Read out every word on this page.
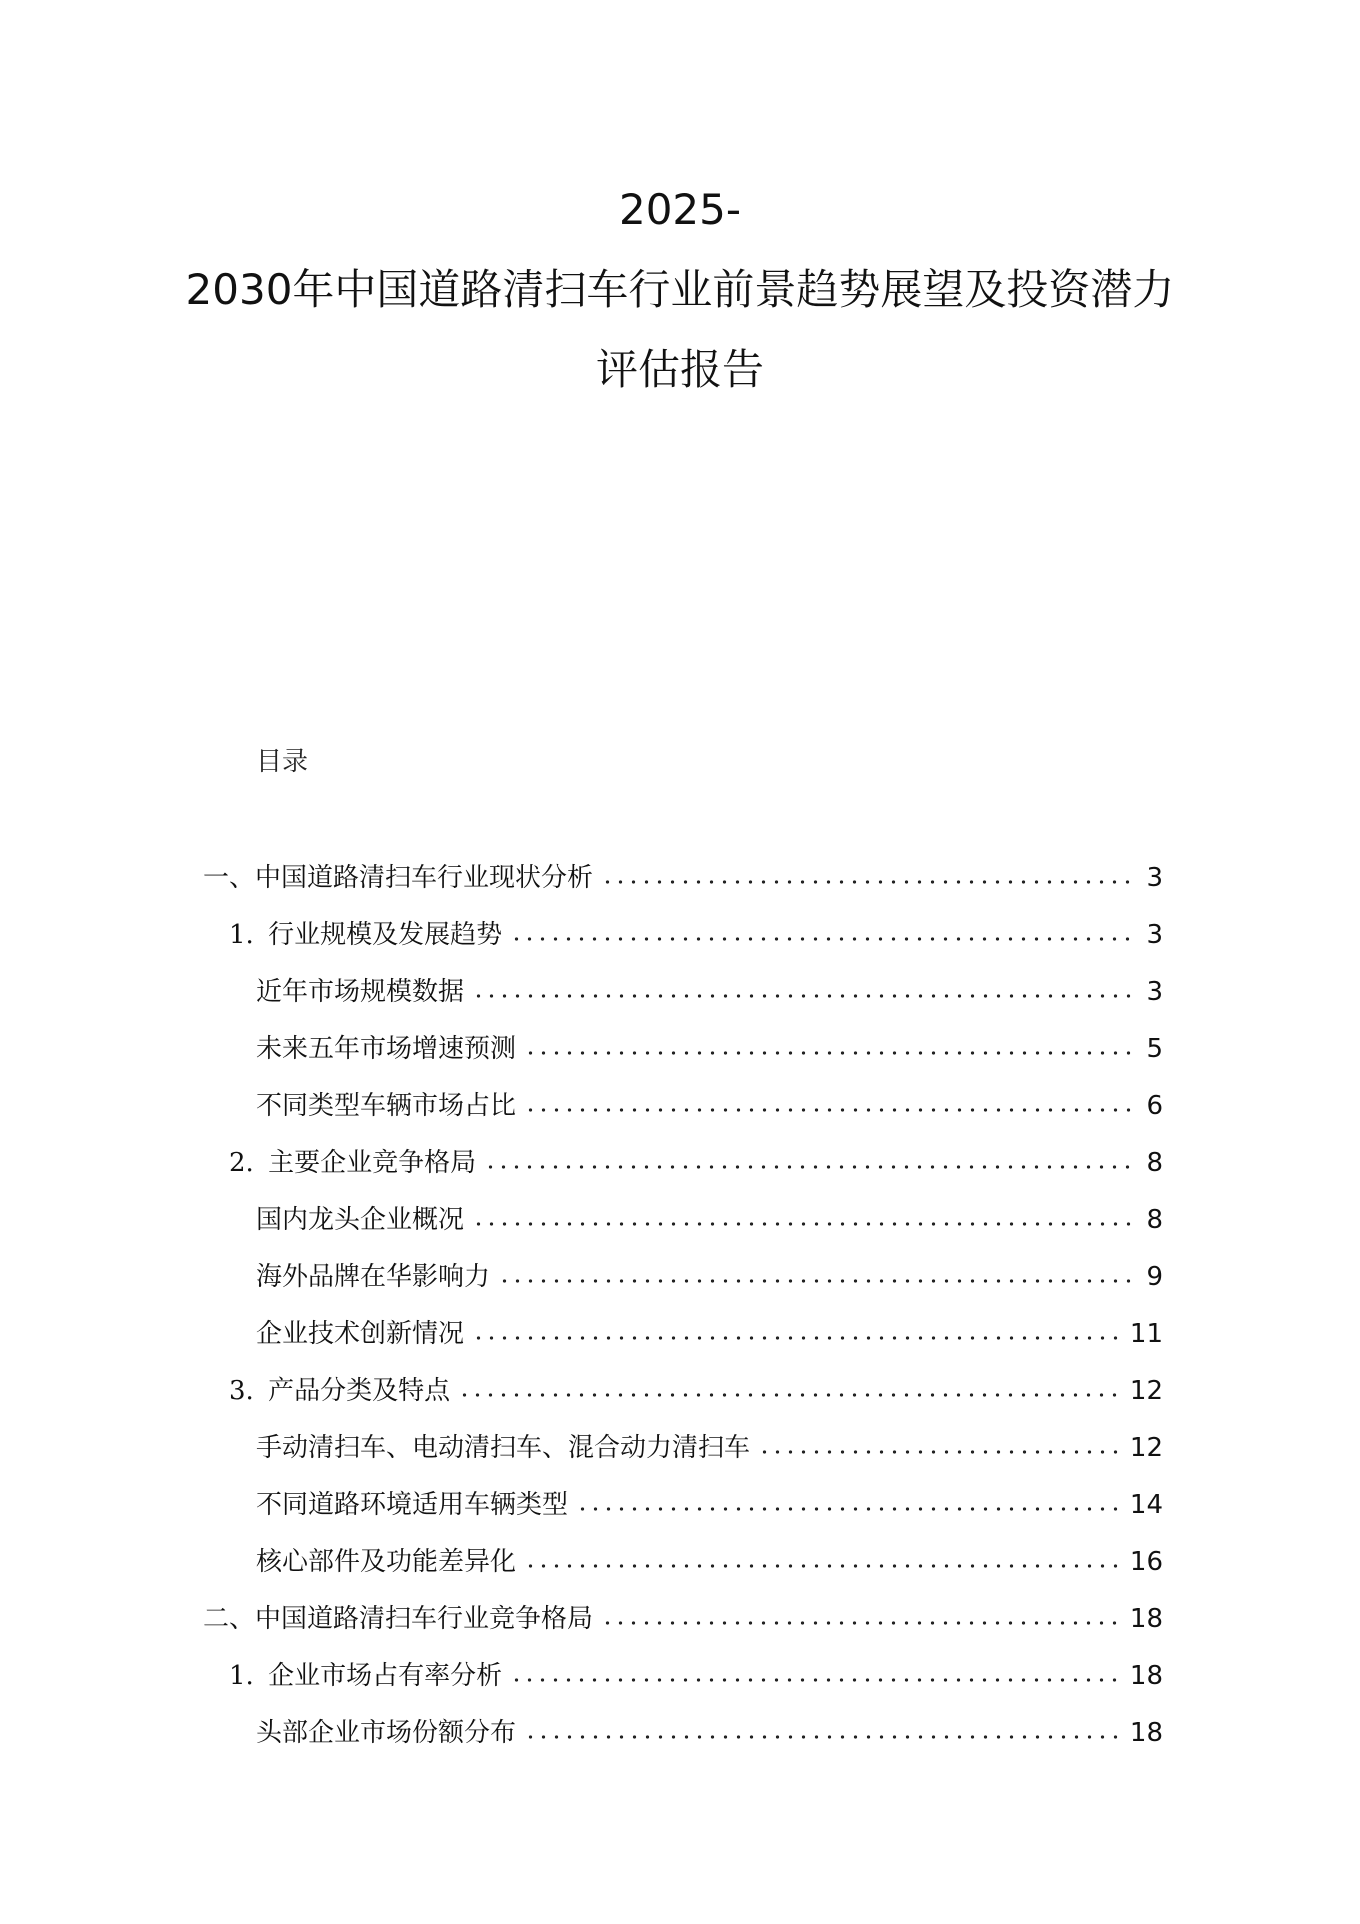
2025-
2030年中国道路清扫车行业前景趋势展望及投资潜力
评估报告
目录
一、 中国道路清扫车行业现状分析	3
1. 行业规模及发展趋势	3
近年市场规模数据	3
未来五年市场增速预测	5
不同类型车辆市场占比	6
2. 主要企业竞争格局	8
国内龙头企业概况	8
海外品牌在华影响力	9
企业技术创新情况	11
3. 产品分类及特点	12
手动清扫车、电动清扫车、混合动力清扫车	12
不同道路环境适用车辆类型	14
核心部件及功能差异化	16
二、 中国道路清扫车行业竞争格局	18
1. 企业市场占有率分析	18
头部企业市场份额分布	18
